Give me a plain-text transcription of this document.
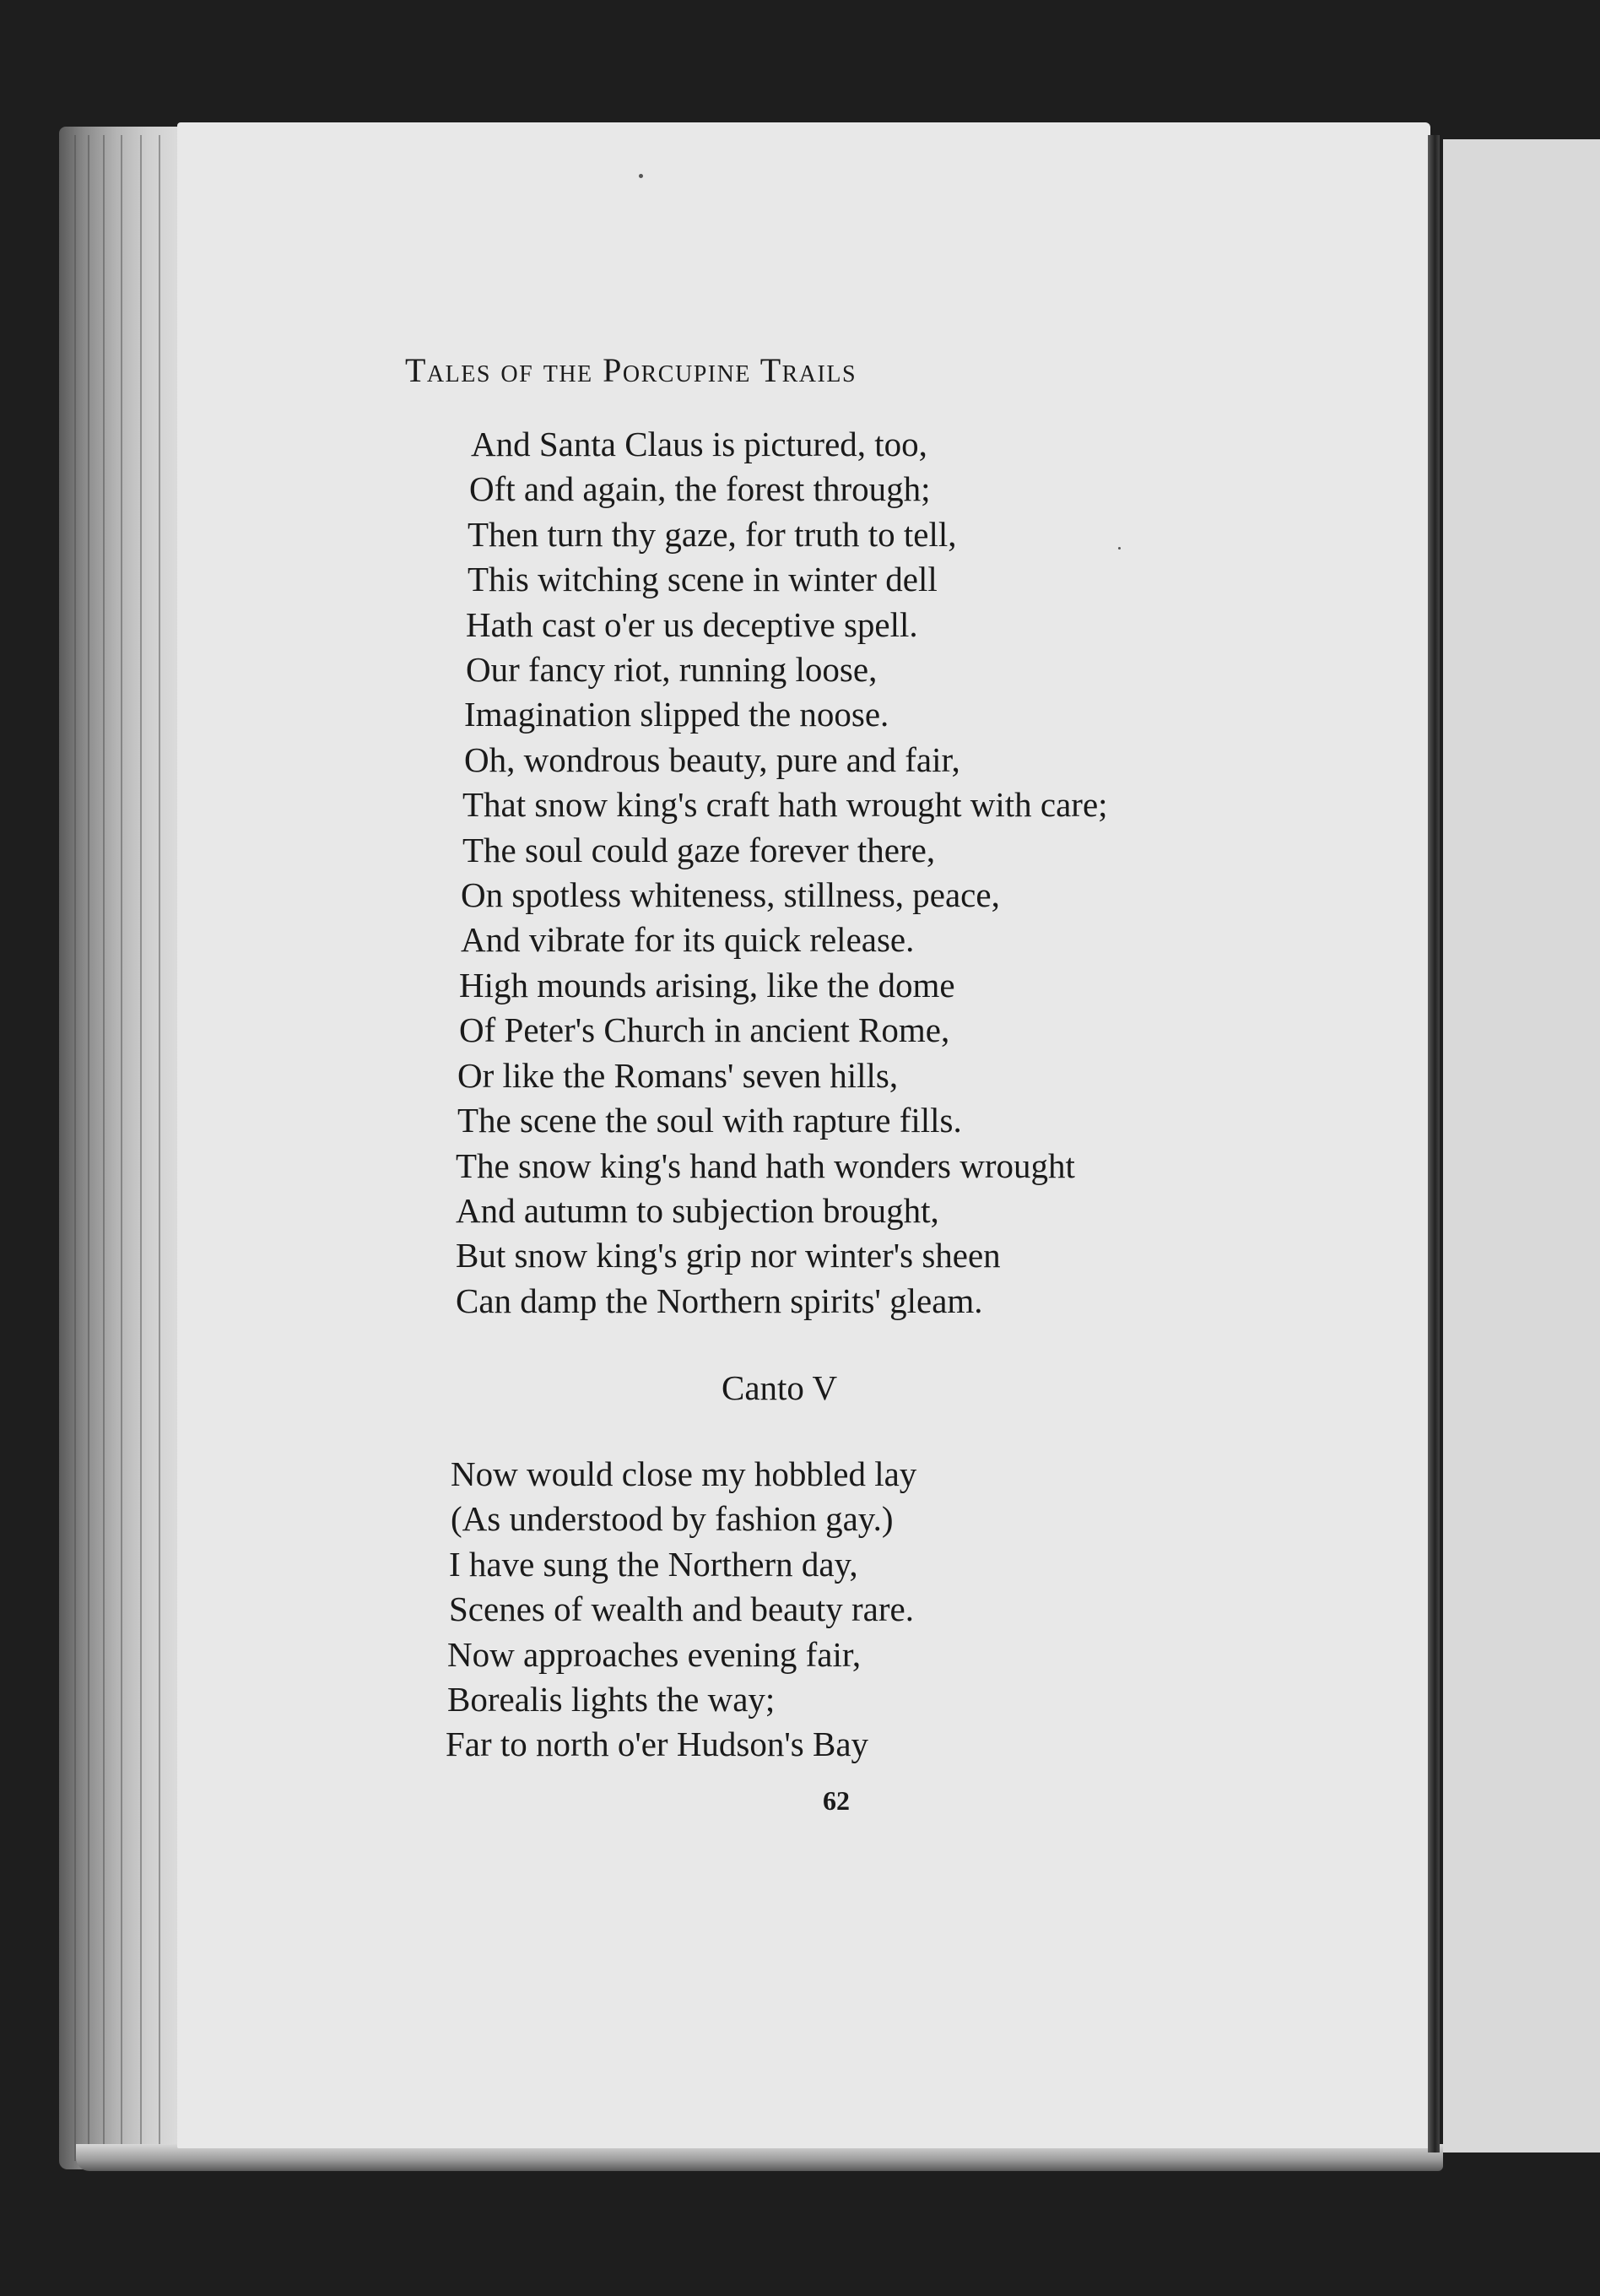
Tales of the Porcupine Trails
And Santa Claus is pictured, too,
Oft and again, the forest through;
Then turn thy gaze, for truth to tell,
This witching scene in winter dell
Hath cast o'er us deceptive spell.
Our fancy riot, running loose,
Imagination slipped the noose.
Oh, wondrous beauty, pure and fair,
That snow king's craft hath wrought with care;
The soul could gaze forever there,
On spotless whiteness, stillness, peace,
And vibrate for its quick release.
High mounds arising, like the dome
Of Peter's Church in ancient Rome,
Or like the Romans' seven hills,
The scene the soul with rapture fills.
The snow king's hand hath wonders wrought
And autumn to subjection brought,
But snow king's grip nor winter's sheen
Can damp the Northern spirits' gleam.
Canto V
Now would close my hobbled lay
(As understood by fashion gay.)
I have sung the Northern day,
Scenes of wealth and beauty rare.
Now approaches evening fair,
Borealis lights the way;
Far to north o'er Hudson's Bay
62
